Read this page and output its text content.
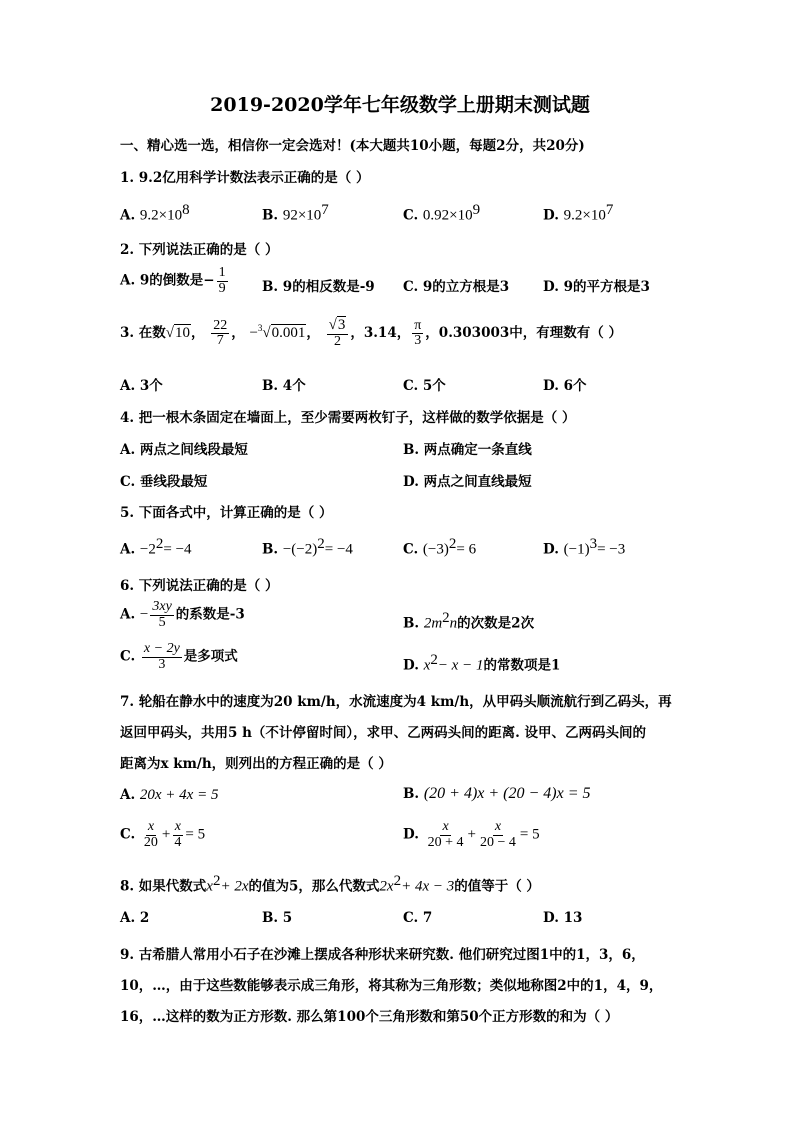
2019-2020学年七年级数学上册期末测试题
一、精心选一选，相信你一定会选对！(本大题共10小题，每题2分，共20分)
1. 9.2亿用科学计数法表示正确的是（ ）
A. $9.2\times 10^8$	B. $92\times 10^7$	C. $0.92\times 10^9$	D. $9.2\times 10^7$
2. 下列说法正确的是（ ）
A. 9的倒数是− $\frac{1}{9}$	B. 9的相反数是-9 C. 9的立方根是3	D. 9的平方根是3
3. 在数√10， $\frac{22}{7}$ ， −$^3$√0.001， $\frac{√3}{2}$ ，3.14， $\frac{\pi}{3}$ ，0.303003中，有理数有（ ）
A. 3个	B. 4个	C. 5个	D. 6个
4. 把一根木条固定在墙面上，至少需要两枚钉子，这样做的数学依据是（ ）
A. 两点之间线段最短	B. 两点确定一条直线
C. 垂线段最短	D. 两点之间直线最短
5. 下面各式中，计算正确的是（ ）
A. $-2^2= -4$	B. $-(-2)^2= -4$	C. $(-3)^2= 6$	D. $(-1)^3= -3$
6. 下列说法正确的是（ ）
A. − $\frac{3xy}{5}$ 的系数是-3
B. $2m^2n$的次数是2次
C. $\frac{x - 2y}{3}$ 是多项式
D. $x^2- x - 1$的常数项是1
7. 轮船在静水中的速度为20 km/h，水流速度为4 km/h，从甲码头顺流航行到乙码头，再
返回甲码头，共用5 h（不计停留时间），求甲、乙两码头间的距离. 设甲、乙两码头间的
距离为x km/h，则列出的方程正确的是（ ）
A. 20x + 4x = 5	B. (20 + 4)x + (20 − 4)x = 5
C. $\frac{x}{20} + \frac{x}{4} = 5$	D. $\frac{x}{20 + 4} + \frac{x}{20 - 4} = 5$
8. 如果代数式$x^2+ 2x$的值为5，那么代数式$2x^2+ 4x - 3$的值等于（ ）
A. 2	B. 5	C. 7	D. 13
9. 古希腊人常用小石子在沙滩上摆成各种形状来研究数. 他们研究过图1中的1，3，6，
10，…，由于这些数能够表示成三角形，将其称为三角形数；类似地称图2中的1，4，9，
16，…这样的数为正方形数. 那么第100个三角形数和第50个正方形数的和为（ ）
